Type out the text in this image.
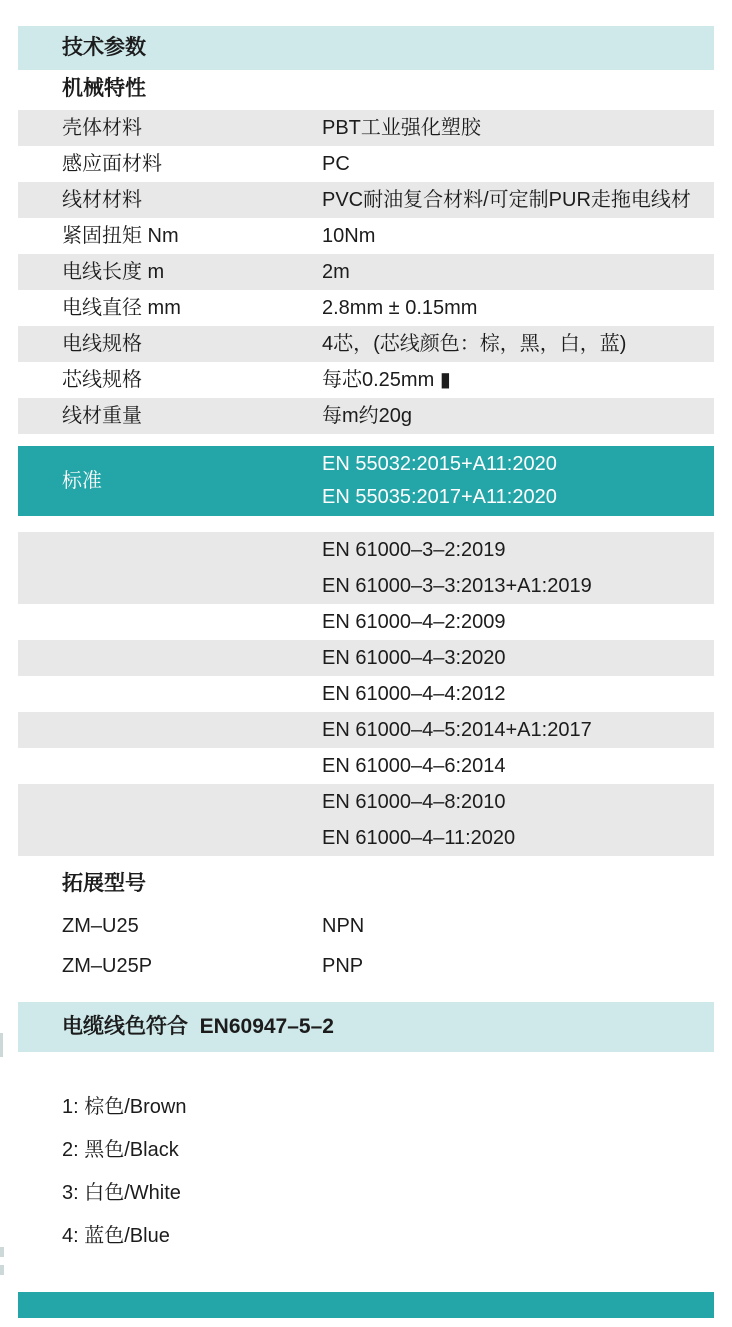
技术参数
机械特性
壳体材料	PBT工业强化塑胶
感应面材料	PC
线材材料	PVC耐油复合材料/可定制PUR走拖电线材
紧固扭矩 Nm	10Nm
电线长度 m	2m
电线直径 mm	2.8mm ± 0.15mm
电线规格	4芯，(芯线颜色：棕，黑，白，蓝)
芯线规格	每芯0.25mm ▮
线材重量	每m约20g
标准
EN 55032:2015+A11:2020
EN 55035:2017+A11:2020
EN 61000–3–2:2019
EN 61000–3–3:2013+A1:2019
EN 61000–4–2:2009
EN 61000–4–3:2020
EN 61000–4–4:2012
EN 61000–4–5:2014+A1:2017
EN 61000–4–6:2014
EN 61000–4–8:2010
EN 61000–4–11:2020
拓展型号
ZM–U25	NPN
ZM–U25P	PNP
电缆线色符合  EN60947–5–2
1: 棕色/Brown
2: 黑色/Black
3: 白色/White
4: 蓝色/Blue
